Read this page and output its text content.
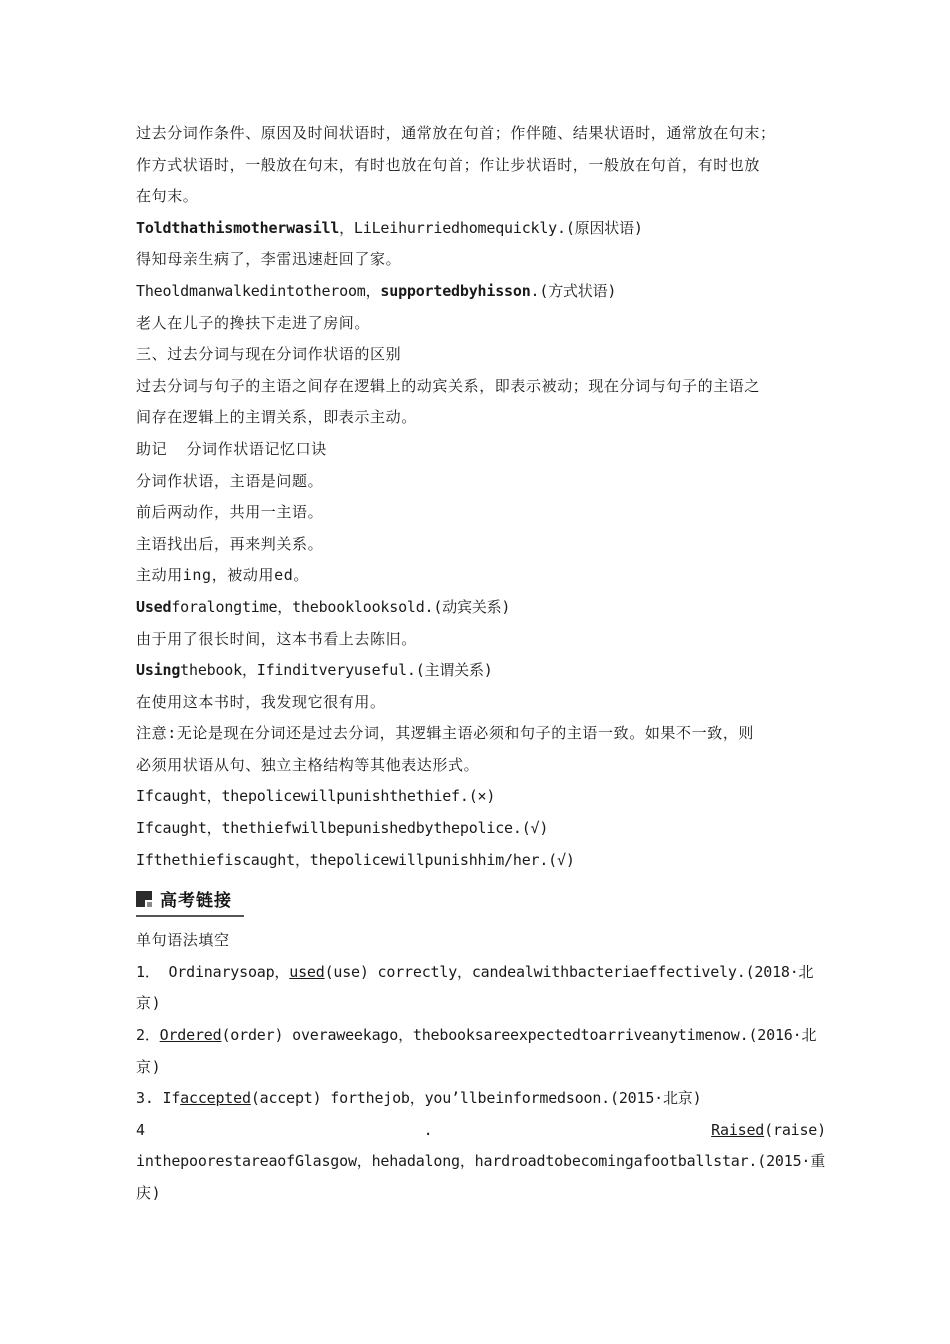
过去分词作条件、原因及时间状语时，通常放在句首；作伴随、结果状语时，通常放在句末；
作方式状语时，一般放在句末，有时也放在句首；作让步状语时，一般放在句首，有时也放
在句末。
Toldthathismotherwasill，LiLeihurriedhomequickly.(原因状语)
得知母亲生病了，李雷迅速赶回了家。
Theoldmanwalkedintotheroom，supportedbyhisson.(方式状语)
老人在儿子的搀扶下走进了房间。
三、过去分词与现在分词作状语的区别
过去分词与句子的主语之间存在逻辑上的动宾关系，即表示被动；现在分词与句子的主语之
间存在逻辑上的主谓关系，即表示主动。
助记  分词作状语记忆口诀
分词作状语，主语是问题。
前后两动作，共用一主语。
主语找出后，再来判关系。
主动用ing，被动用ed。
Usedforalongtime，thebooklooksold.(动宾关系)
由于用了很长时间，这本书看上去陈旧。
Usingthebook，Ifinditveryuseful.(主谓关系)
在使用这本书时，我发现它很有用。
注意:无论是现在分词还是过去分词，其逻辑主语必须和句子的主语一致。如果不一致，则
必须用状语从句、独立主格结构等其他表达形式。
Ifcaught，thepolicewillpunishthethief.(×)
Ifcaught，thethiefwillbepunishedbythepolice.(√)
Ifthethiefiscaught，thepolicewillpunishhim/her.(√)
高考链接
单句语法填空
1． Ordinarysoap，used(use) correctly，candealwithbacteriaeffectively.(2018·北
京)
2．Ordered(order) overaweekago，thebooksareexpectedtoarriveanytimenow.(2016·北
京)
3. Ifaccepted(accept) forthejob，you’llbeinformedsoon.(2015·北京)
4	.	Raised(raise)
inthepoorestareaofGlasgow，hehadalong，hardroadtobecomingafootballstar.(2015·重
庆)
